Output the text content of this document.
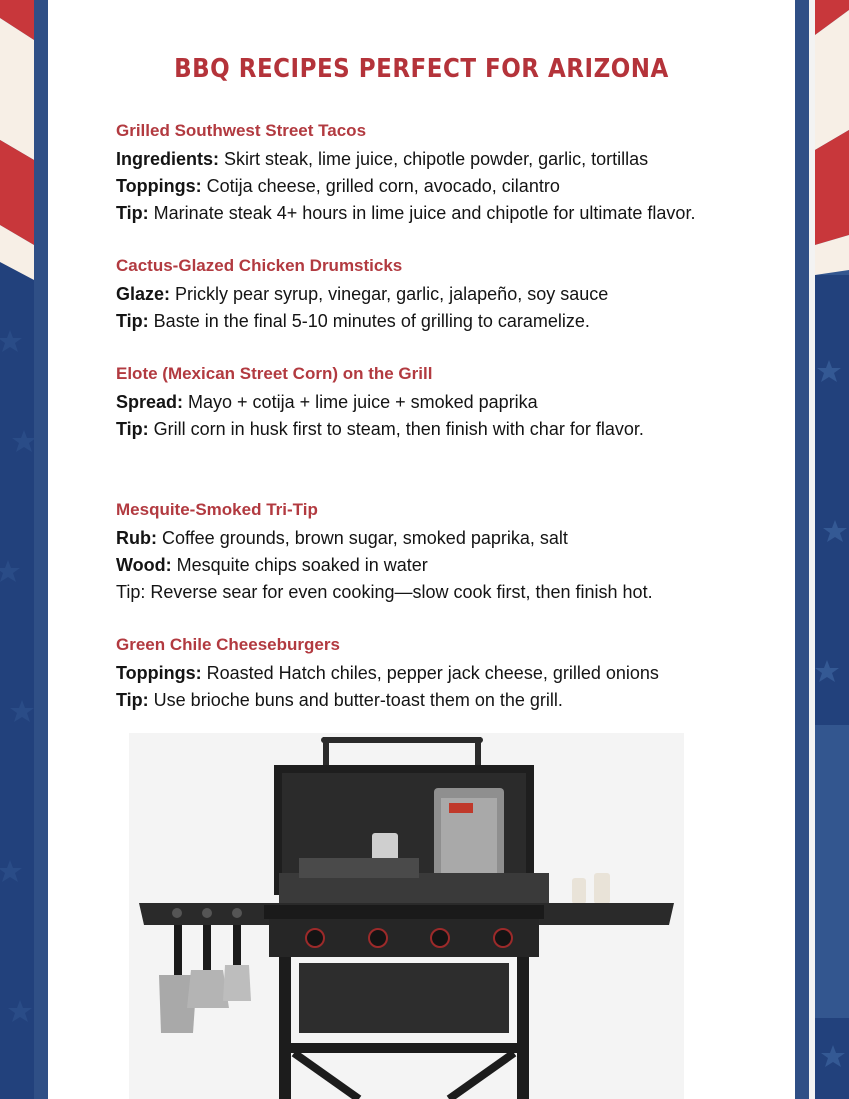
BBQ RECIPES PERFECT FOR ARIZONA
Grilled Southwest Street Tacos
Ingredients: Skirt steak, lime juice, chipotle powder, garlic, tortillas
Toppings: Cotija cheese, grilled corn, avocado, cilantro
Tip: Marinate steak 4+ hours in lime juice and chipotle for ultimate flavor.
Cactus-Glazed Chicken Drumsticks
Glaze: Prickly pear syrup, vinegar, garlic, jalapeño, soy sauce
Tip: Baste in the final 5-10 minutes of grilling to caramelize.
Elote (Mexican Street Corn) on the Grill
Spread: Mayo + cotija + lime juice + smoked paprika
Tip: Grill corn in husk first to steam, then finish with char for flavor.
Mesquite-Smoked Tri-Tip
Rub: Coffee grounds, brown sugar, smoked paprika, salt
Wood: Mesquite chips soaked in water
Tip: Reverse sear for even cooking—slow cook first, then finish hot.
Green Chile Cheeseburgers
Toppings: Roasted Hatch chiles, pepper jack cheese, grilled onions
Tip: Use brioche buns and butter-toast them on the grill.
